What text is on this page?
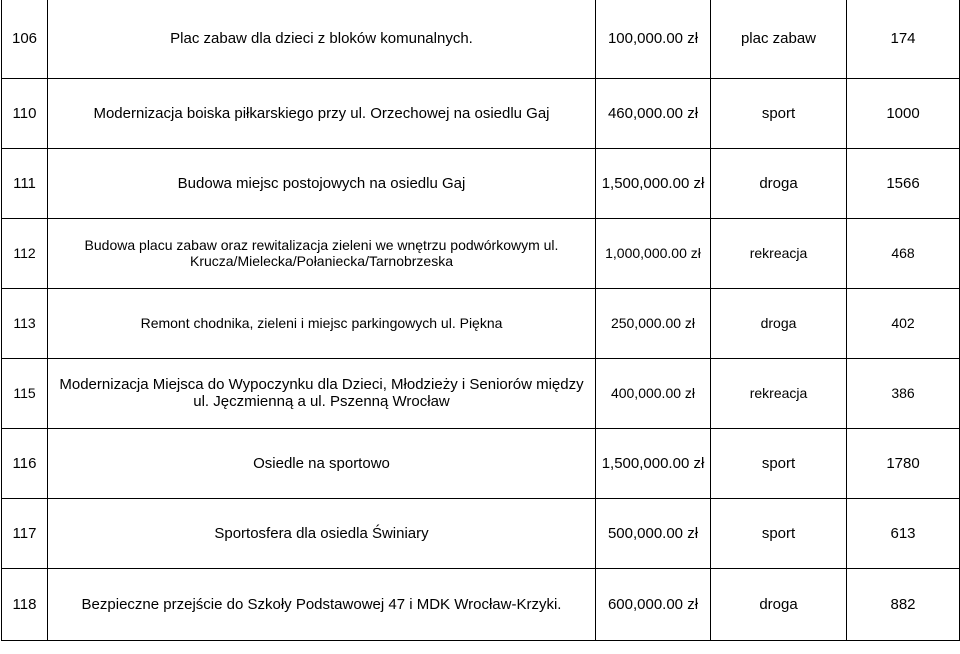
106	Plac zabaw dla dzieci z bloków komunalnych.	100,000.00 zł	plac zabaw	174
110	Modernizacja boiska piłkarskiego przy ul. Orzechowej na osiedlu Gaj	460,000.00 zł	sport	1000
111	Budowa miejsc postojowych na osiedlu Gaj	1,500,000.00 zł	droga	1566
112	Budowa placu zabaw oraz rewitalizacja zieleni we wnętrzu podwórkowym ul. Krucza/Mielecka/Połaniecka/Tarnobrzeska	1,000,000.00 zł	rekreacja	468
113	Remont chodnika, zieleni i miejsc parkingowych ul. Piękna	250,000.00 zł	droga	402
115	Modernizacja Miejsca do Wypoczynku dla Dzieci, Młodzieży i Seniorów między ul. Jęczmienną a ul. Pszenną Wrocław	400,000.00 zł	rekreacja	386
116	Osiedle na sportowo	1,500,000.00 zł	sport	1780
117	Sportosfera dla osiedla Świniary	500,000.00 zł	sport	613
118	Bezpieczne przejście do Szkoły Podstawowej 47 i MDK Wrocław-Krzyki.	600,000.00 zł	droga	882
